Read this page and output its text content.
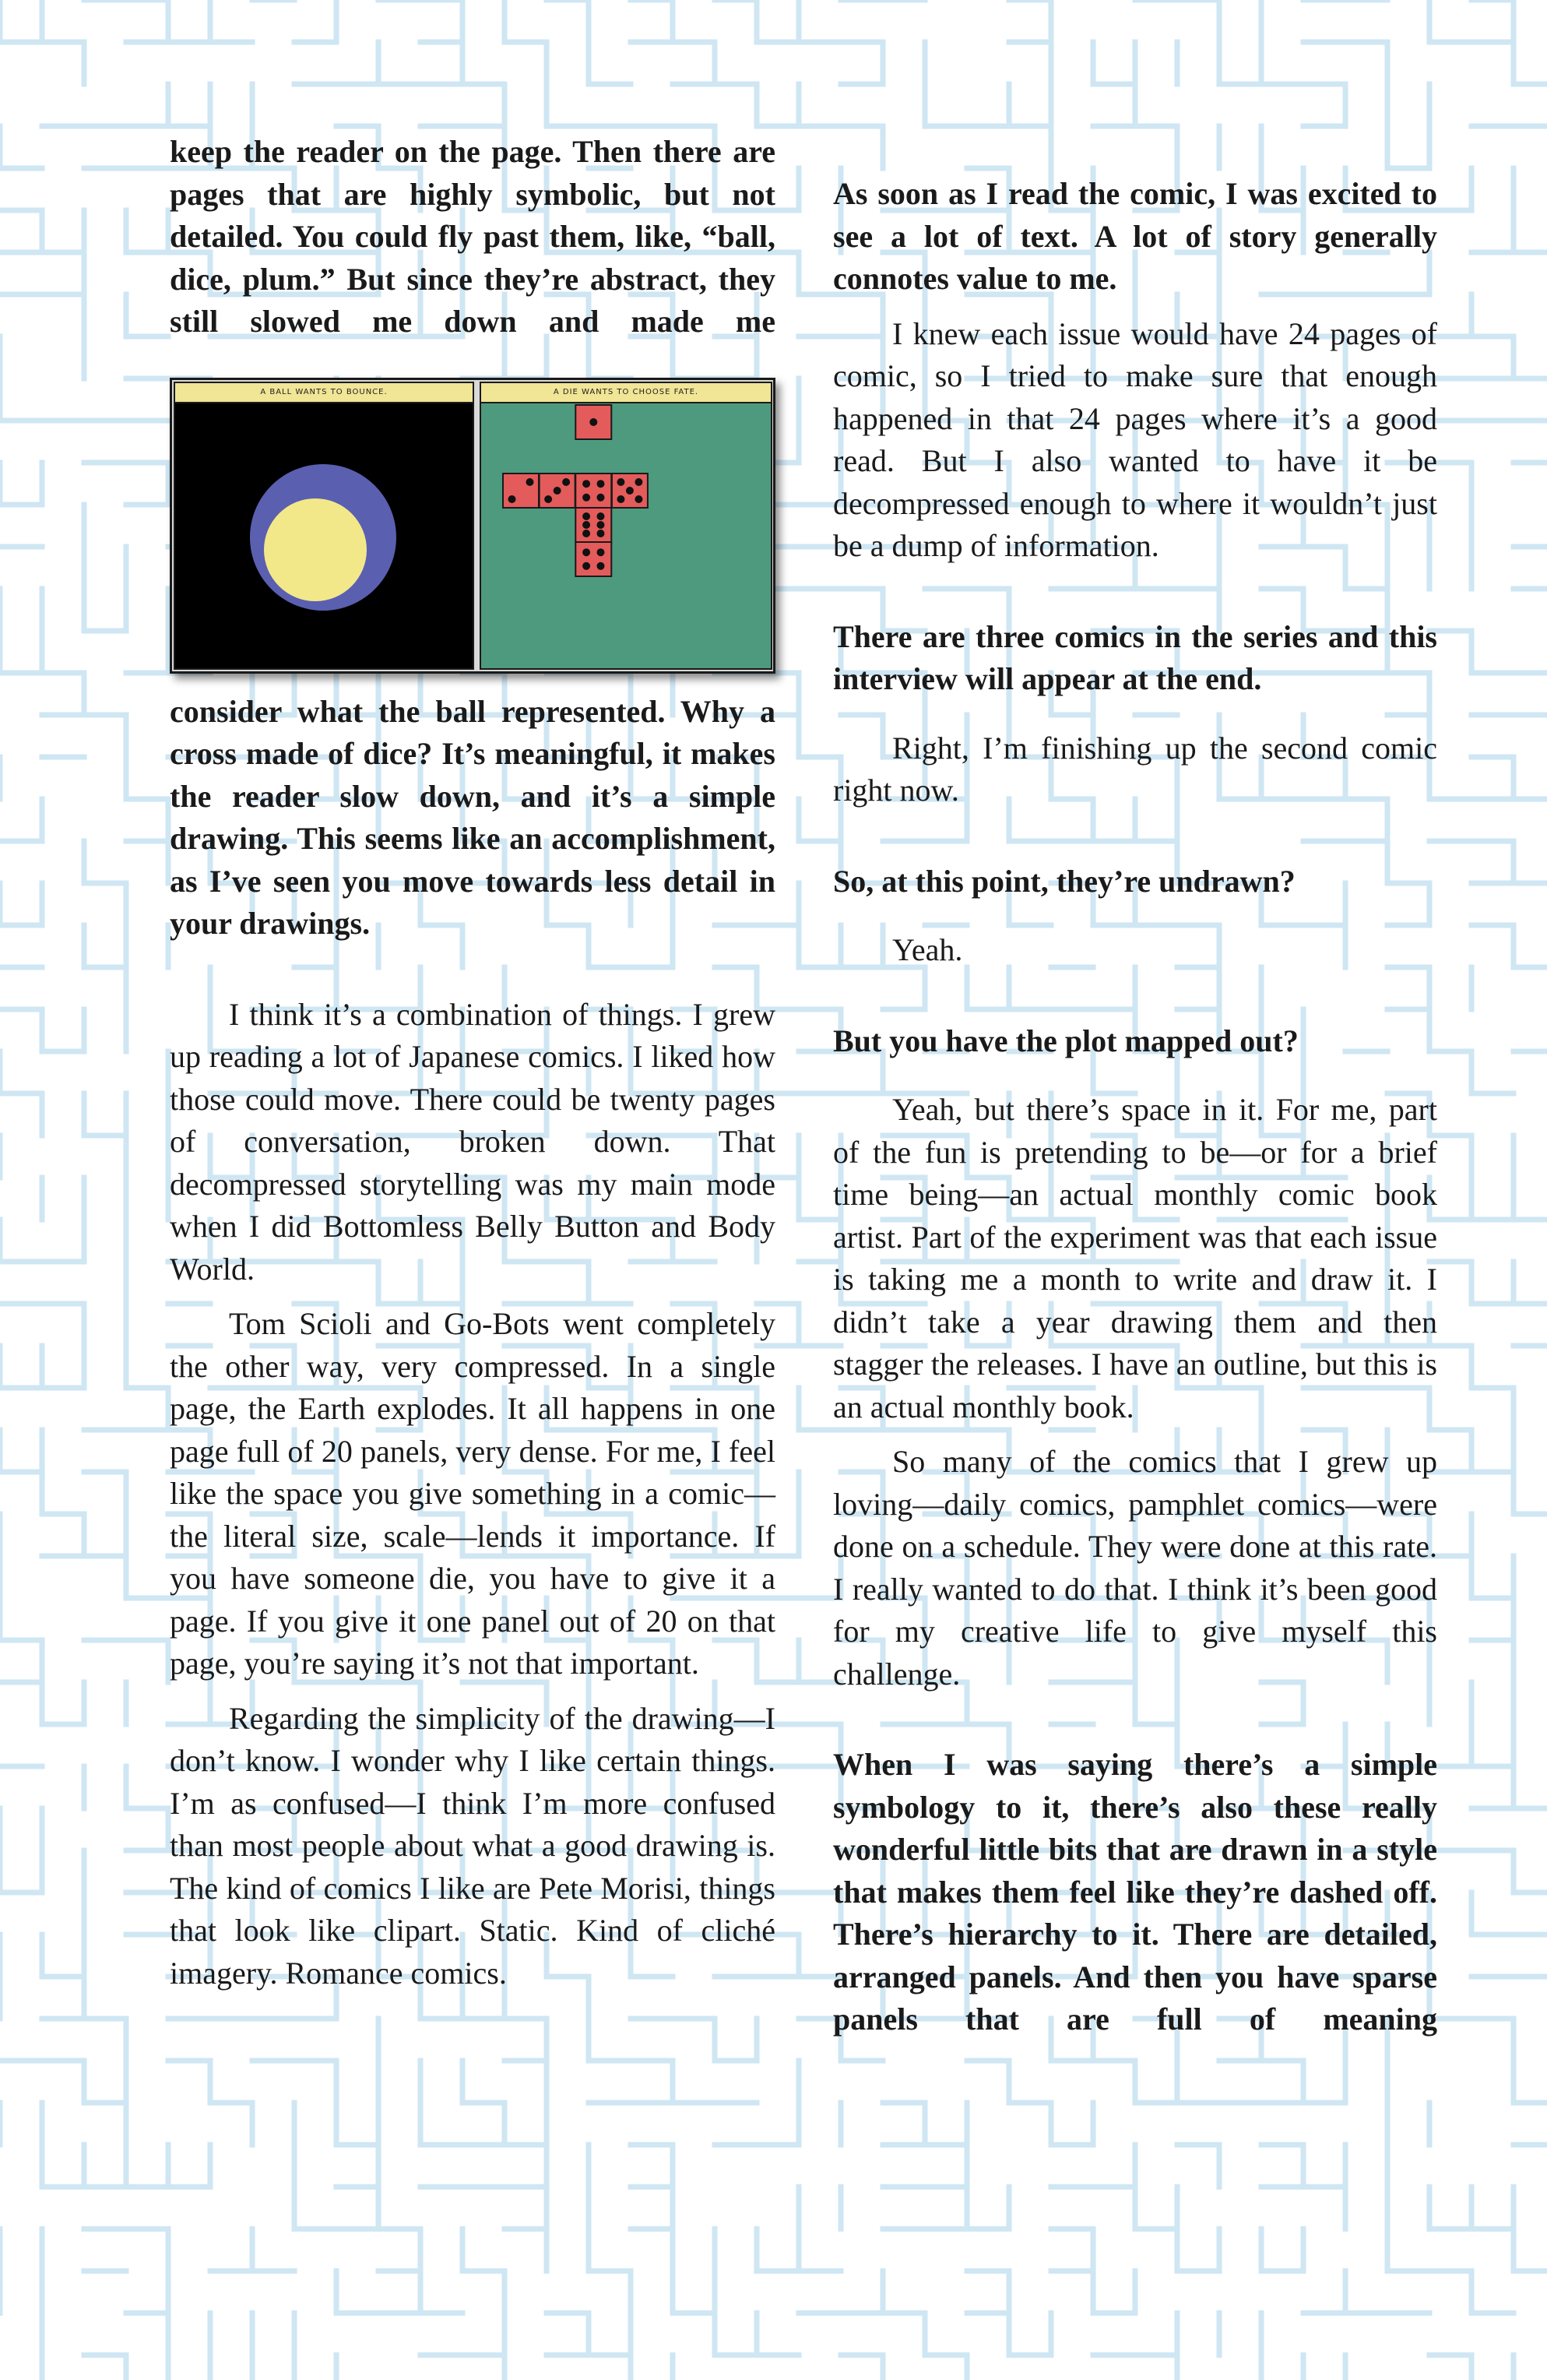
keep the reader on the page. Then there are pages that are highly symbolic, but not detailed. You could fly past them, like, “ball, dice, plum.” But since they’re abstract, they still slowed me down and made me

A BALL WANTS TO BOUNCE.	A DIE WANTS TO CHOOSE FATE.

consider what the ball represented. Why a cross made of dice? It’s meaningful, it makes the reader slow down, and it’s a simple drawing. This seems like an accomplishment, as I’ve seen you move towards less detail in your drawings.

I think it’s a combination of things. I grew up reading a lot of Japanese comics. I liked how those could move. There could be twenty pages of conversation, broken down. That decompressed storytelling was my main mode when I did Bottomless Belly Button and Body World.

Tom Scioli and Go-Bots went completely the other way, very compressed. In a single page, the Earth explodes. It all happens in one page full of 20 panels, very dense. For me, I feel like the space you give something in a comic—the literal size, scale—lends it importance. If you have someone die, you have to give it a page. If you give it one panel out of 20 on that page, you’re saying it’s not that important.

Regarding the simplicity of the drawing—I don’t know. I wonder why I like certain things. I’m as confused—I think I’m more confused than most people about what a good drawing is. The kind of comics I like are Pete Morisi, things that look like clipart. Static. Kind of cliché imagery. Romance comics.

As soon as I read the comic, I was excited to see a lot of text. A lot of story generally connotes value to me.

I knew each issue would have 24 pages of comic, so I tried to make sure that enough happened in that 24 pages where it’s a good read. But I also wanted to have it be decompressed enough to where it wouldn’t just be a dump of information.

There are three comics in the series and this interview will appear at the end.

Right, I’m finishing up the second comic right now.

So, at this point, they’re undrawn?

Yeah.

But you have the plot mapped out?

Yeah, but there’s space in it. For me, part of the fun is pretending to be—or for a brief time being—an actual monthly comic book artist. Part of the experiment was that each issue is taking me a month to write and draw it. I didn’t take a year drawing them and then stagger the releases. I have an outline, but this is an actual monthly book.

So many of the comics that I grew up loving—daily comics, pamphlet comics—were done on a schedule. They were done at this rate. I really wanted to do that. I think it’s been good for my creative life to give myself this challenge.

When I was saying there’s a simple symbology to it, there’s also these really wonderful little bits that are drawn in a style that makes them feel like they’re dashed off. There’s hierarchy to it. There are detailed, arranged panels. And then you have sparse panels that are full of meaning
